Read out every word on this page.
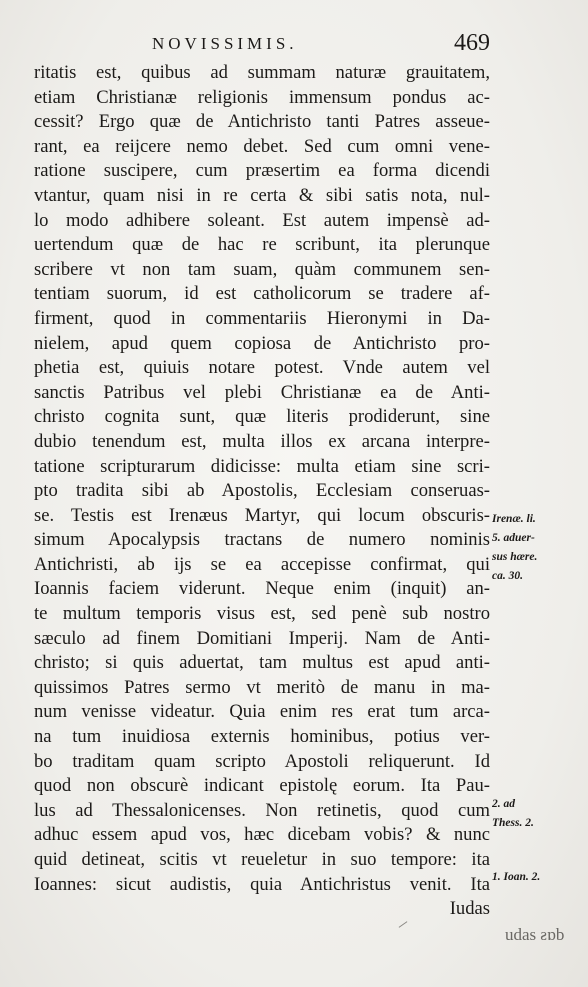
NOVISSIMIS.	469
ritatis est, quibus ad summam naturæ grauitatem,
etiam Christianæ religionis immensum pondus ac-
cessit? Ergo quæ de Antichristo tanti Patres asseue-
rant, ea reijcere nemo debet. Sed cum omni vene-
ratione suscipere, cum præsertim ea forma dicendi
vtantur, quam nisi in re certa & sibi satis nota, nul-
lo modo adhibere soleant. Est autem impensè ad-
uertendum quæ de hac re scribunt, ita plerunque
scribere vt non tam suam, quàm communem sen-
tentiam suorum, id est catholicorum se tradere af-
firment, quod in commentariis Hieronymi in Da-
nielem, apud quem copiosa de Antichristo pro-
phetia est, quiuis notare potest. Vnde autem vel
sanctis Patribus vel plebi Christianæ ea de Anti-
christo cognita sunt, quæ literis prodiderunt, sine
dubio tenendum est, multa illos ex arcana interpre-
tatione scripturarum didicisse: multa etiam sine scri-
pto tradita sibi ab Apostolis, Ecclesiam conseruas-
se. Testis est Irenæus Martyr, qui locum obscuris-
simum Apocalypsis tractans de numero nominis
Antichristi, ab ijs se ea accepisse confirmat, qui
Ioannis faciem viderunt. Neque enim (inquit) an-
te multum temporis visus est, sed penè sub nostro
sæculo ad finem Domitiani Imperij. Nam de Anti-
christo; si quis aduertat, tam multus est apud anti-
quissimos Patres sermo vt meritò de manu in ma-
num venisse videatur. Quia enim res erat tum arca-
na tum inuidiosa externis hominibus, potius ver-
bo traditam quam scripto Apostoli reliquerunt. Id
quod non obscurè indicant epistolę eorum. Ita Pau-
lus ad Thessalonicenses. Non retinetis, quod cum
adhuc essem apud vos, hæc dicebam vobis? & nunc
quid detineat, scitis vt reueletur in suo tempore: ita
Ioannes: sicut audistis, quia Antichristus venit. Ita
Iudas
Irenæ. li.
5. aduer-
sus hære.
ca. 30.
2. ad
Thess. 2.
1. Ioan. 2.
udas ƨɒb
